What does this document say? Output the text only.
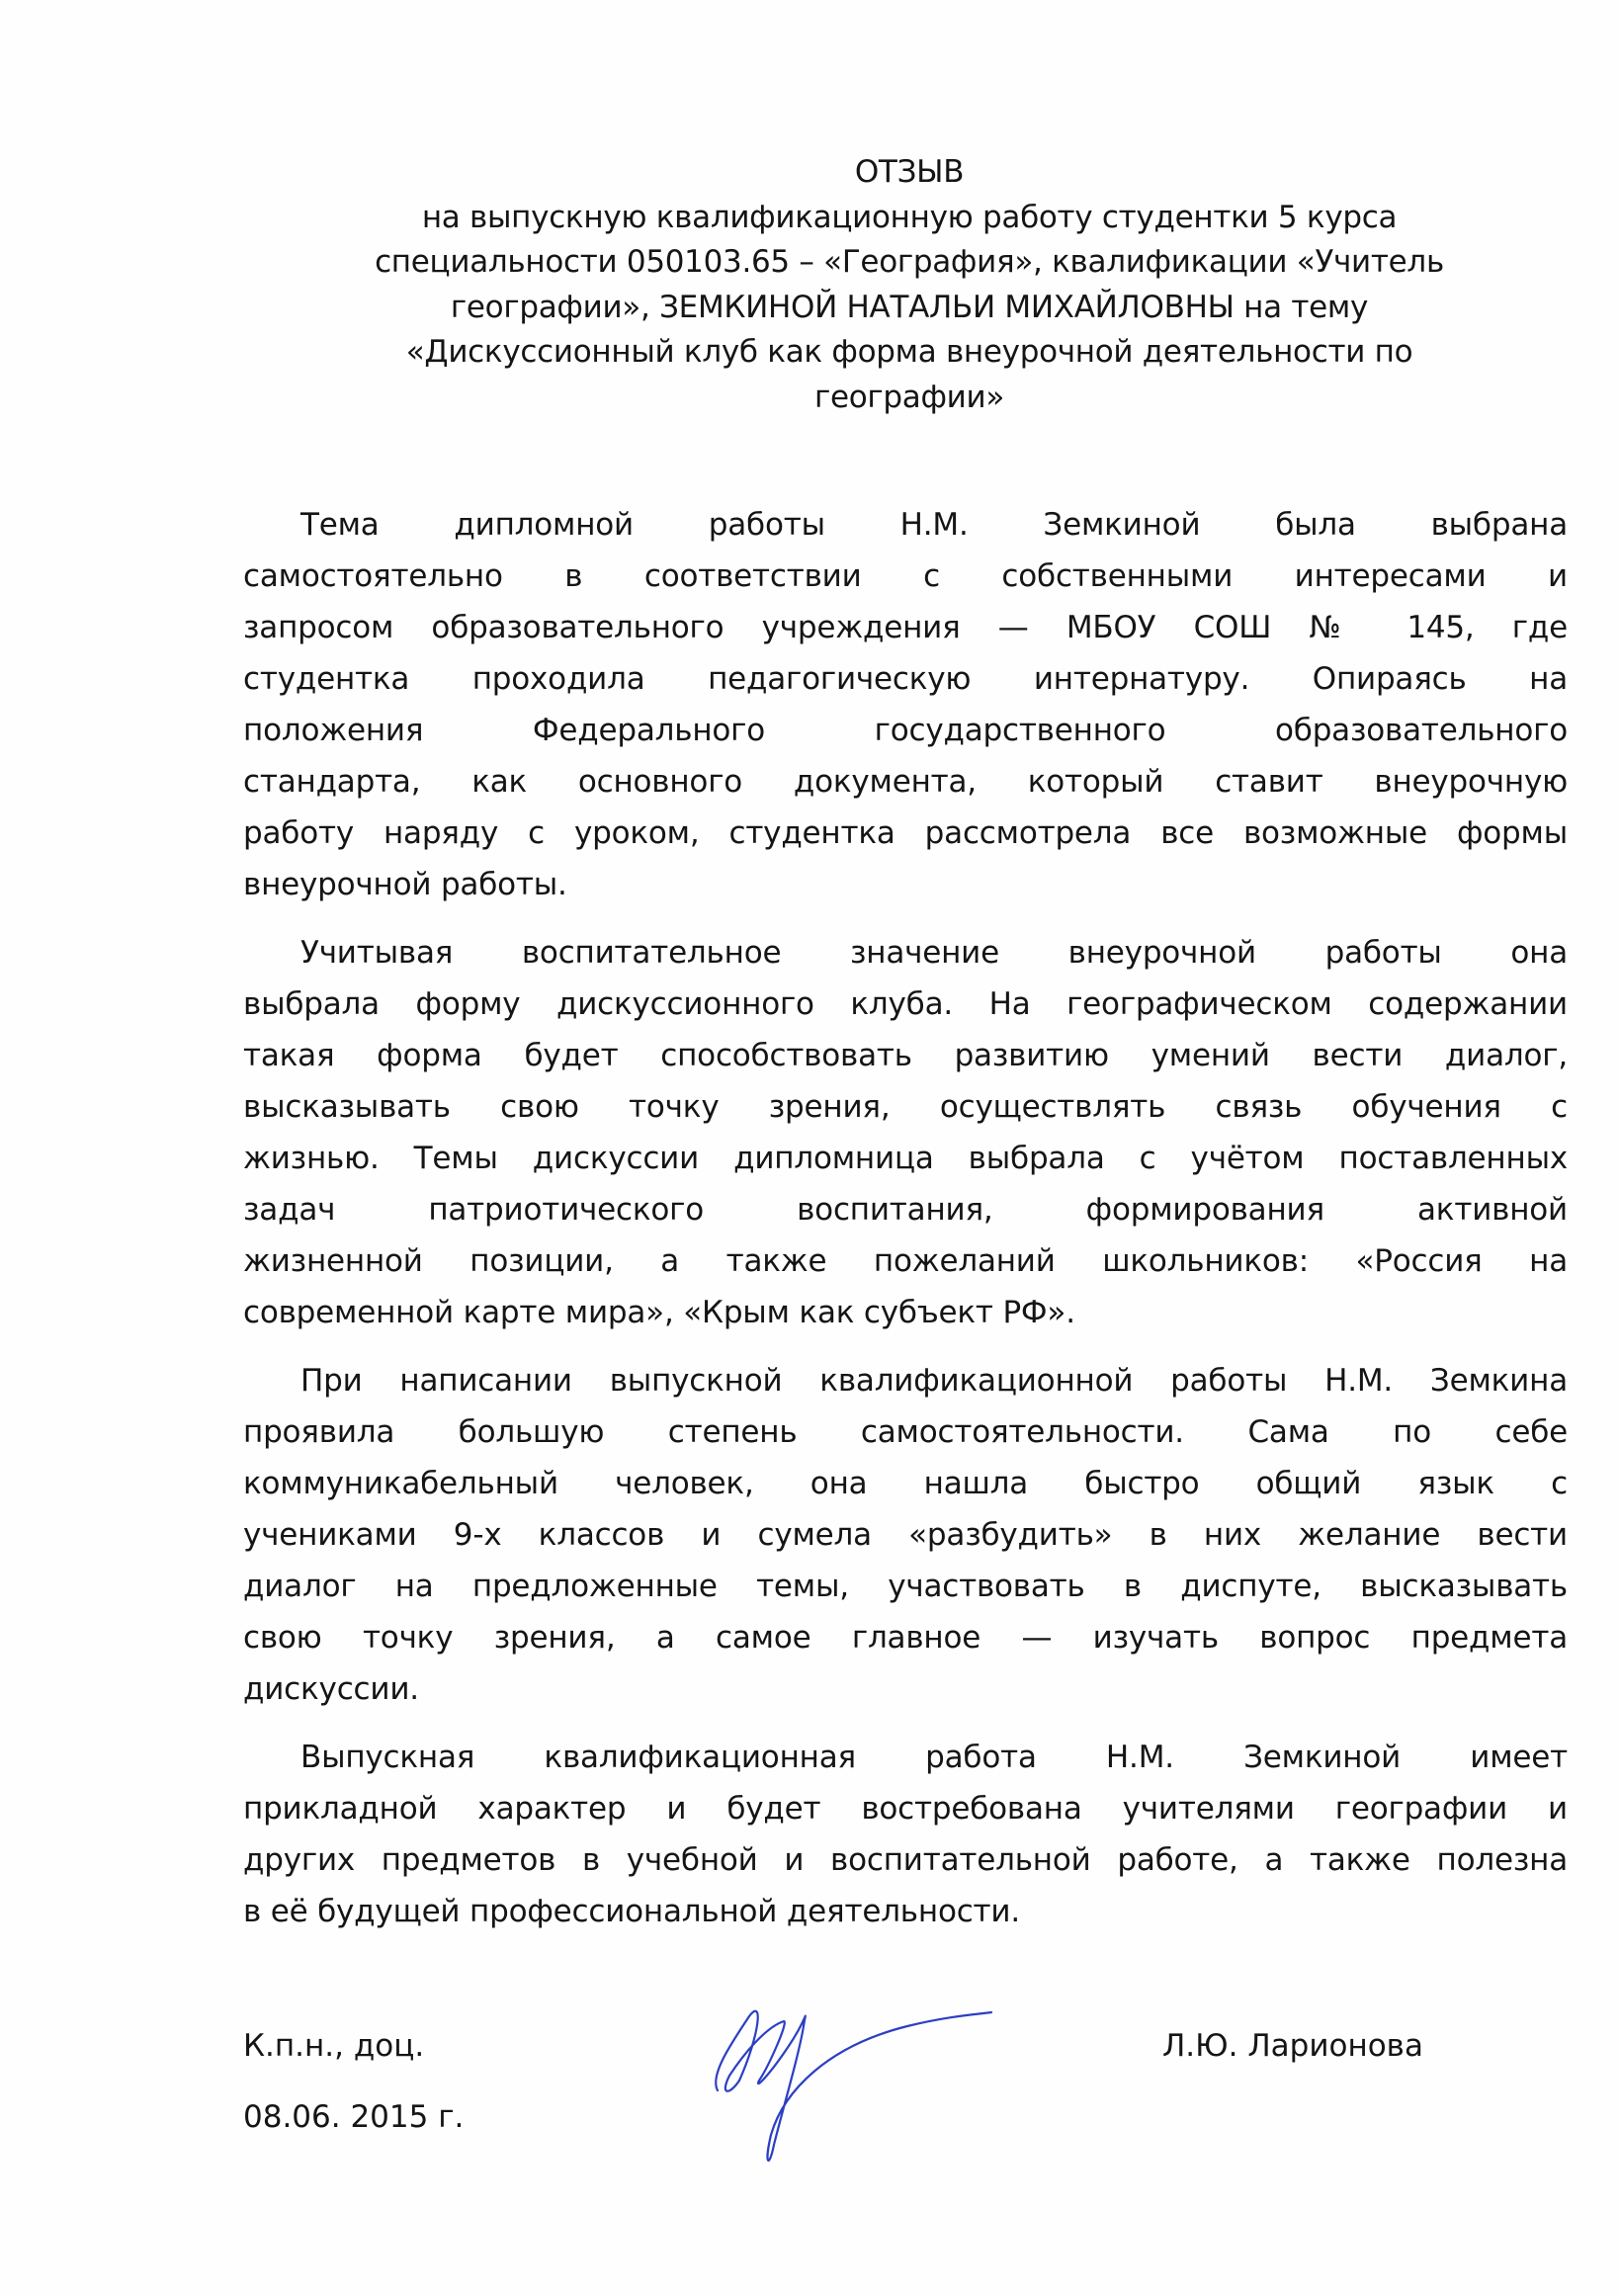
ОТЗЫВ
на выпускную квалификационную работу студентки 5 курса
специальности 050103.65 – «География», квалификации «Учитель
географии», ЗЕМКИНОЙ НАТАЛЬИ МИХАЙЛОВНЫ на тему
«Дискуссионный клуб как форма внеурочной деятельности по
географии»
Тема дипломной работы Н.М. Земкиной была выбрана
самостоятельно в соответствии с собственными интересами и
запросом образовательного учреждения — МБОУ СОШ № 145, где
студентка проходила педагогическую интернатуру. Опираясь на
положения Федерального государственного образовательного
стандарта, как основного документа, который ставит внеурочную
работу наряду с уроком, студентка рассмотрела все возможные формы
внеурочной работы.
Учитывая воспитательное значение внеурочной работы она
выбрала форму дискуссионного клуба. На географическом содержании
такая форма будет способствовать развитию умений вести диалог,
высказывать свою точку зрения, осуществлять связь обучения с
жизнью. Темы дискуссии дипломница выбрала с учётом поставленных
задач патриотического воспитания, формирования активной
жизненной позиции, а также пожеланий школьников: «Россия на
современной карте мира», «Крым как субъект РФ».
При написании выпускной квалификационной работы Н.М. Земкина
проявила большую степень самостоятельности. Сама по себе
коммуникабельный человек, она нашла быстро общий язык с
учениками 9-х классов и сумела «разбудить» в них желание вести
диалог на предложенные темы, участвовать в диспуте, высказывать
свою точку зрения, а самое главное — изучать вопрос предмета
дискуссии.
Выпускная квалификационная работа Н.М. Земкиной имеет
прикладной характер и будет востребована учителями географии и
других предметов в учебной и воспитательной работе, а также полезна
в её будущей профессиональной деятельности.
К.п.н., доц.
08.06. 2015 г.
Л.Ю. Ларионова
